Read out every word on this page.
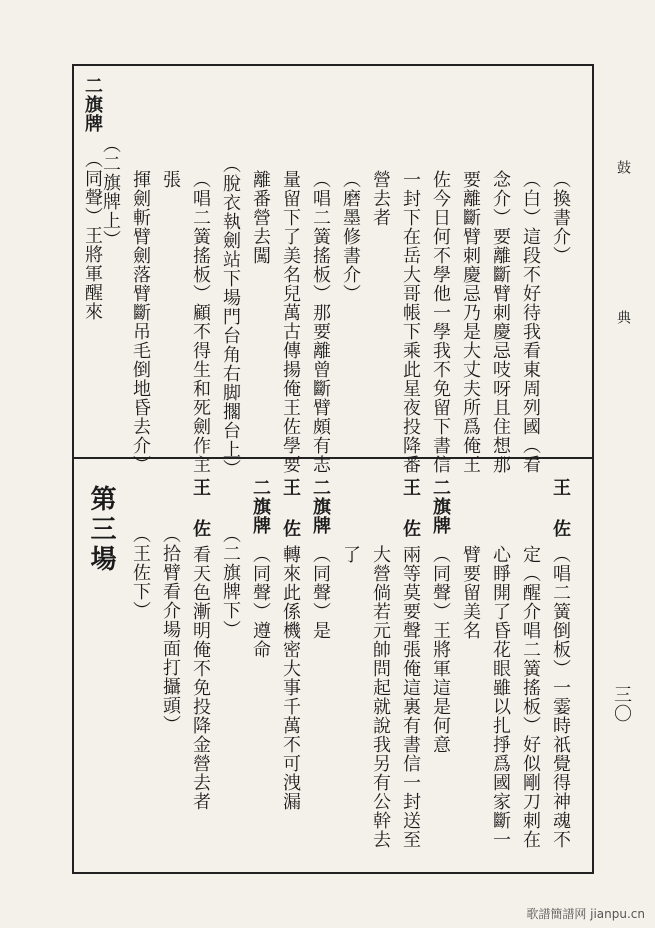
鼓 典
三〇
（換書介）
（白）這段不好待我看東周列國（看
念介）要離斷臂刺慶忌吱呀且住想那
要離斷臂刺慶忌乃是大丈夫所爲俺王
佐今日何不學他一學我不免留下書信
一封下在岳大哥帳下乘此星夜投降番
營去者
（磨墨修書介）
（唱二簧搖板）那要離曾斷臂頗有志
量留下了美名兒萬古傳揚俺王佐學要
離番營去闖
（脫衣執劍站下場門台角右脚擱台上）
（唱二簧搖板）顧不得生和死劍作主
張
揮劍斬臂劍落臂斷吊毛倒地昏去介）
（二旗牌上）
二旗牌
（同聲）王將軍醒來
王 佐
（唱二簧倒板）一霎時祇覺得神魂不
定（醒介唱二簧搖板）好似剛刀刺在
心睜開了昏花眼雖以扎掙爲國家斷一
臂要留美名
二旗牌
（同聲）王將軍這是何意
王 佐
兩等莫要聲張俺這裏有書信一封送至
大營倘若元帥問起就說我另有公幹去
了
二旗牌
（同聲）是
王 佐
轉來此係機密大事千萬不可洩漏
二旗牌
（同聲）遵命
（二旗牌下）
王 佐
看天色漸明俺不免投降金營去者
（拾臂看介場面打攝頭）
（王佐下）
第三場
歌譜簡譜网 jianpu.cn
